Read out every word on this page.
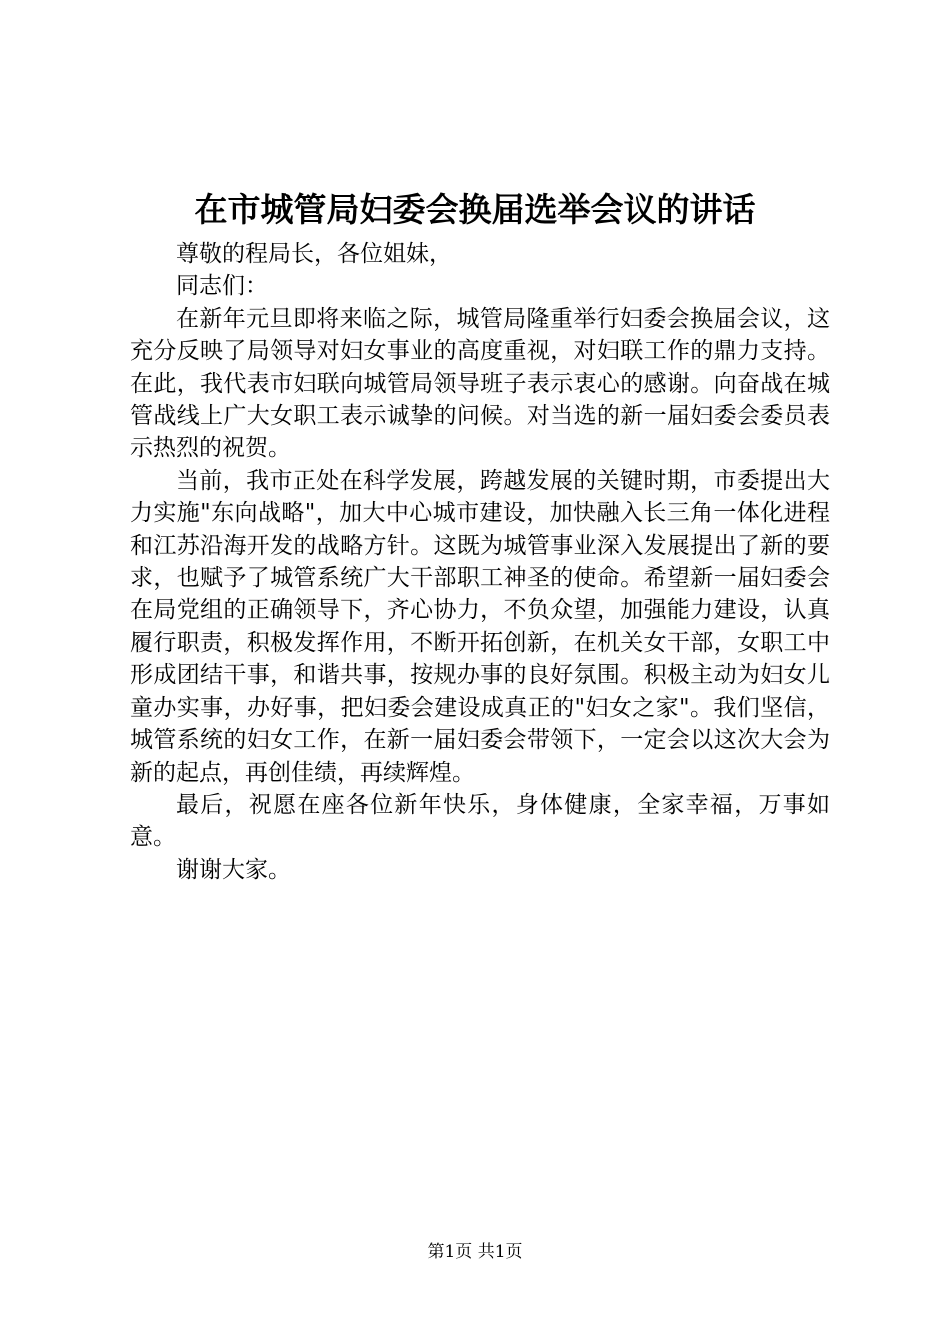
在市城管局妇委会换届选举会议的讲话

尊敬的程局长，各位姐妹，

同志们：

在新年元旦即将来临之际，城管局隆重举行妇委会换届会议，这充分反映了局领导对妇女事业的高度重视，对妇联工作的鼎力支持。在此，我代表市妇联向城管局领导班子表示衷心的感谢。向奋战在城管战线上广大女职工表示诚挚的问候。对当选的新一届妇委会委员表示热烈的祝贺。

当前，我市正处在科学发展，跨越发展的关键时期，市委提出大力实施"东向战略"，加大中心城市建设，加快融入长三角一体化进程和江苏沿海开发的战略方针。这既为城管事业深入发展提出了新的要求，也赋予了城管系统广大干部职工神圣的使命。希望新一届妇委会在局党组的正确领导下，齐心协力，不负众望，加强能力建设，认真履行职责，积极发挥作用，不断开拓创新，在机关女干部，女职工中形成团结干事，和谐共事，按规办事的良好氛围。积极主动为妇女儿童办实事，办好事，把妇委会建设成真正的"妇女之家"。我们坚信，城管系统的妇女工作，在新一届妇委会带领下，一定会以这次大会为新的起点，再创佳绩，再续辉煌。

最后，祝愿在座各位新年快乐，身体健康，全家幸福，万事如意。

谢谢大家。

第1页 共1页
